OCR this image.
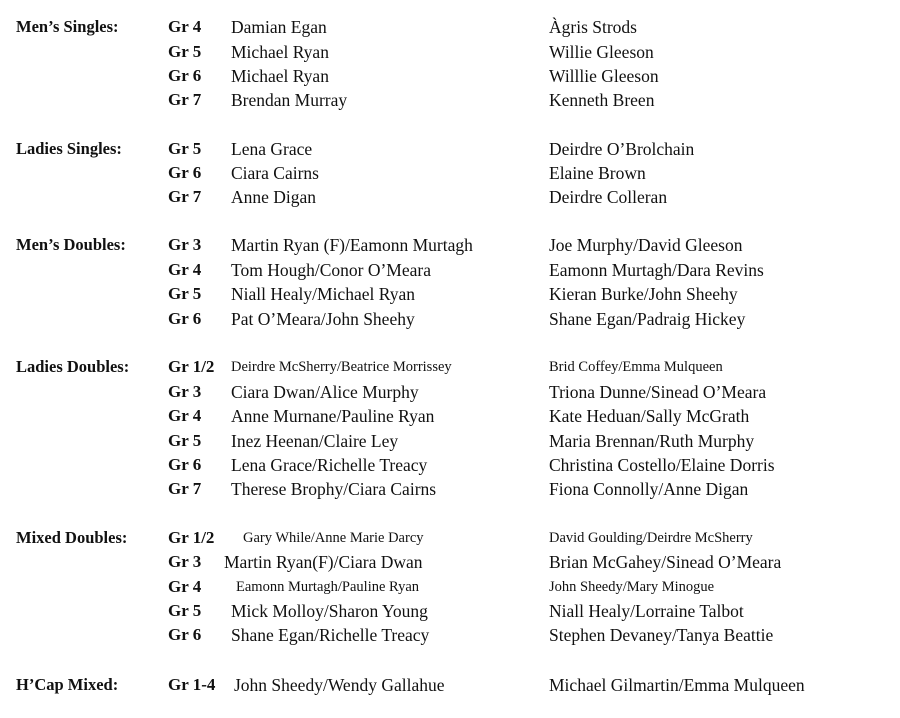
Men’s Singles:	Gr 4 Damian Egan	Àgris Strods
Gr 5 Michael Ryan	Willie Gleeson
Gr 6 Michael Ryan	Willlie Gleeson
Gr 7 Brendan Murray	Kenneth Breen
Ladies Singles:	Gr 5 Lena Grace	Deirdre O’Brolchain
Gr 6 Ciara Cairns	Elaine Brown
Gr 7 Anne Digan	Deirdre Colleran
Men’s Doubles: Gr 3 Martin Ryan (F)/Eamonn Murtagh	Joe Murphy/David Gleeson
Gr 4 Tom Hough/Conor O’Meara	Eamonn Murtagh/Dara Revins
Gr 5 Niall Healy/Michael Ryan	Kieran Burke/John Sheehy
Gr 6 Pat O’Meara/John Sheehy	Shane Egan/Padraig Hickey
Ladies Doubles: Gr 1/2 Deirdre McSherry/Beatrice Morrissey	Brid Coffey/Emma Mulqueen
Gr 3 Ciara Dwan/Alice Murphy	Triona Dunne/Sinead O’Meara
Gr 4 Anne Murnane/Pauline Ryan	Kate Heduan/Sally McGrath
Gr 5 Inez Heenan/Claire Ley	Maria Brennan/Ruth Murphy
Gr 6 Lena Grace/Richelle Treacy	Christina Costello/Elaine Dorris
Gr 7 Therese Brophy/Ciara Cairns	Fiona Connolly/Anne Digan
Mixed Doubles: Gr 1/2 Gary While/Anne Marie Darcy	David Goulding/Deirdre McSherry
Gr 3 Martin Ryan(F)/Ciara Dwan	Brian McGahey/Sinead O’Meara
Gr 4 Eamonn Murtagh/Pauline Ryan	John Sheedy/Mary Minogue
Gr 5 Mick Molloy/Sharon Young	Niall Healy/Lorraine Talbot
Gr 6 Shane Egan/Richelle Treacy	Stephen Devaney/Tanya Beattie
H’Cap Mixed:	Gr 1-4 John Sheedy/Wendy Gallahue	Michael Gilmartin/Emma Mulqueen
